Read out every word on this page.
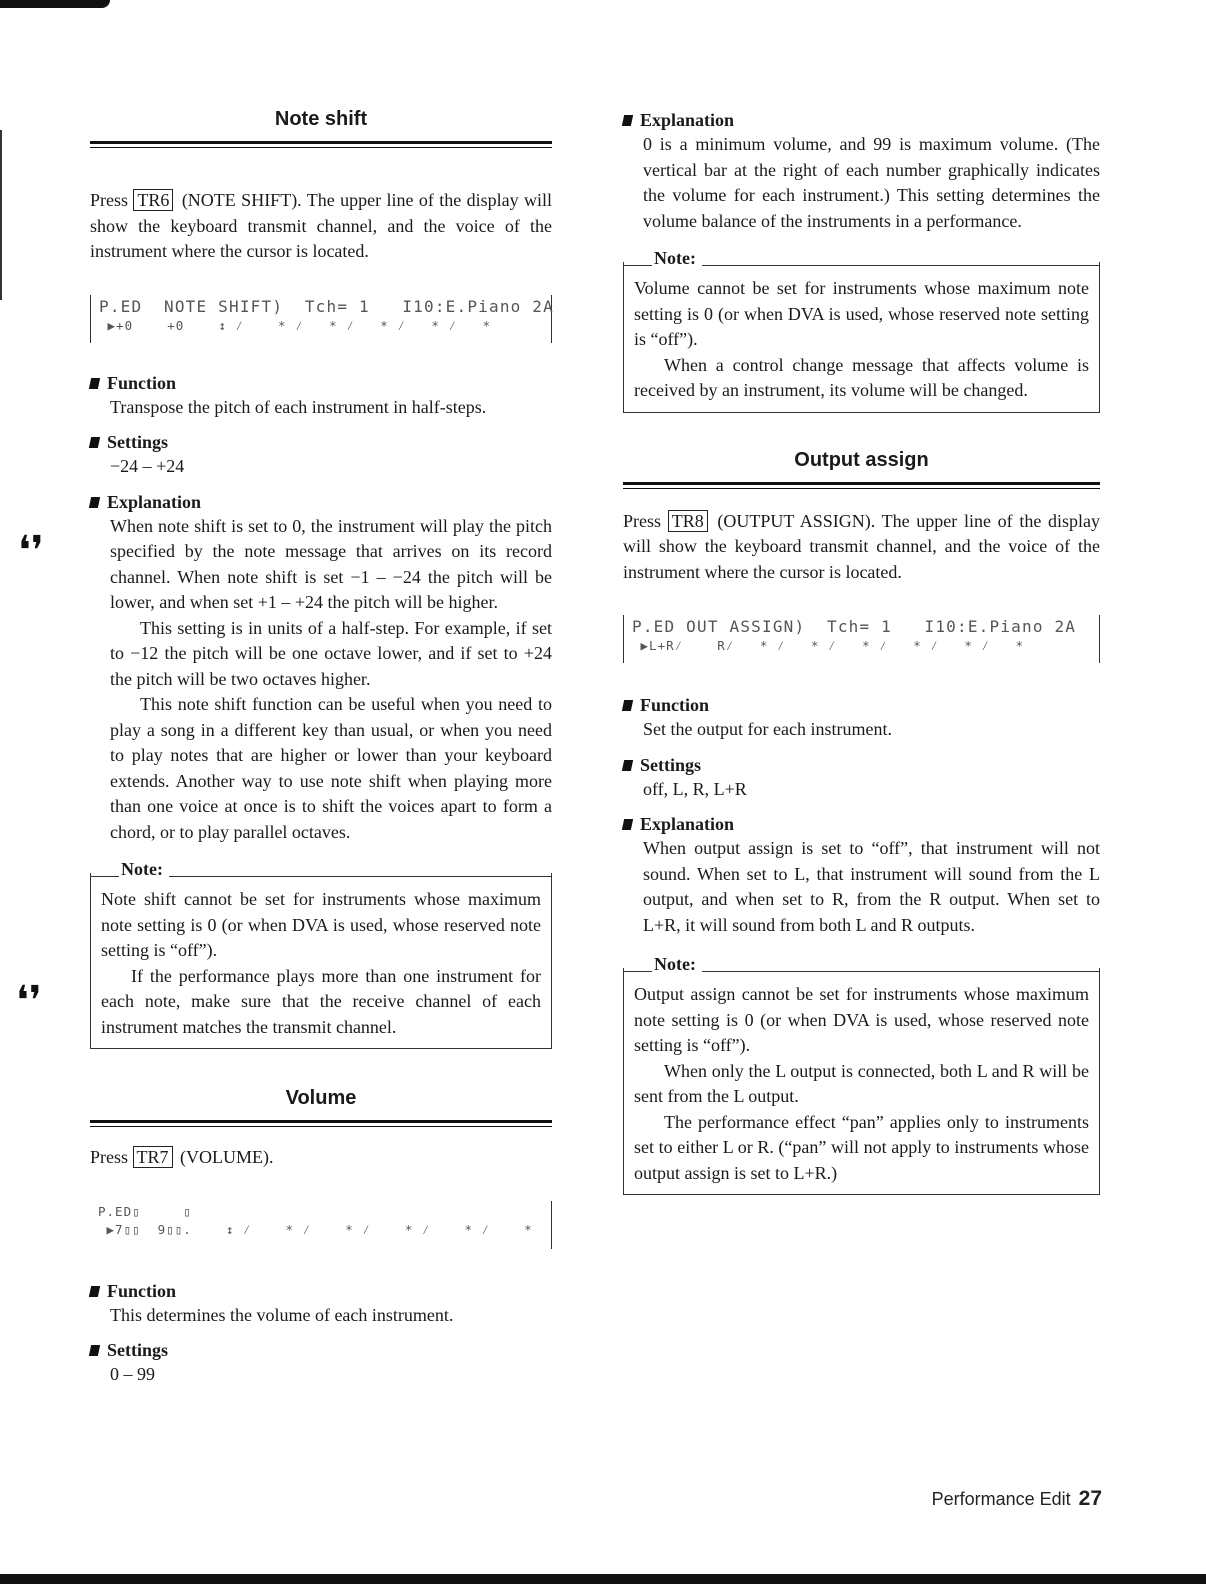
❛❜
❛❜
Note shift

Press TR6 (NOTE SHIFT). The upper line of the display will show the keyboard transmit channel, and the voice of the instrument where the cursor is located.

P.ED  NOTE SHIFT)  Tch= 1   I10:E.Piano 2A
▶+0    +0    ↕ ⁄    * ⁄   * ⁄   * ⁄   * ⁄   *

Function

Transpose the pitch of each instrument in half-steps.

Settings

−24 – +24

Explanation

When note shift is set to 0, the instrument will play the pitch specified by the note message that arrives on its record channel. When note shift is set −1 – −24 the pitch will be lower, and when set +1 – +24 the pitch will be higher.

This setting is in units of a half-step. For example, if set to −12 the pitch will be one octave lower, and if set to +24 the pitch will be two octaves higher.

This note shift function can be useful when you need to play a song in a different key than usual, or when you need to play notes that are higher or lower than your keyboard extends. Another way to use note shift when playing more than one voice at once is to shift the voices apart to form a chord, or to play parallel octaves.

Note:

Note shift cannot be set for instruments whose maximum note setting is 0 (or when DVA is used, whose reserved note setting is “off”).

If the performance plays more than one instrument for each note, make sure that the receive channel of each instrument matches the transmit channel.

Volume

Press TR7 (VOLUME).

P.ED▯     ▯
▶7▯▯  9▯▯.    ↕ ⁄    * ⁄    * ⁄    * ⁄    * ⁄    *

Function

This determines the volume of each instrument.

Settings

0 – 99

Explanation

0 is a minimum volume, and 99 is maximum volume. (The vertical bar at the right of each number graphically indicates the volume for each instrument.) This setting determines the volume balance of the instruments in a performance.

Note:

Volume cannot be set for instruments whose maximum note setting is 0 (or when DVA is used, whose reserved note setting is “off”).

When a control change message that affects volume is received by an instrument, its volume will be changed.

Output assign

Press TR8 (OUTPUT ASSIGN). The upper line of the display will show the keyboard transmit channel, and the voice of the instrument where the cursor is located.

P.ED OUT ASSIGN)  Tch= 1   I10:E.Piano 2A
▶L+R⁄    R⁄   * ⁄   * ⁄   * ⁄   * ⁄   * ⁄   *

Function

Set the output for each instrument.

Settings

off, L, R, L+R

Explanation

When output assign is set to “off”, that instrument will not sound. When set to L, that instrument will sound from the L output, and when set to R, from the R output. When set to L+R, it will sound from both L and R outputs.

Note:

Output assign cannot be set for instruments whose maximum note setting is 0 (or when DVA is used, whose reserved note setting is “off”).

When only the L output is connected, both L and R will be sent from the L output.

The performance effect “pan” applies only to instruments set to either L or R. (“pan” will not apply to instruments whose output assign is set to L+R.)

Performance Edit 27
